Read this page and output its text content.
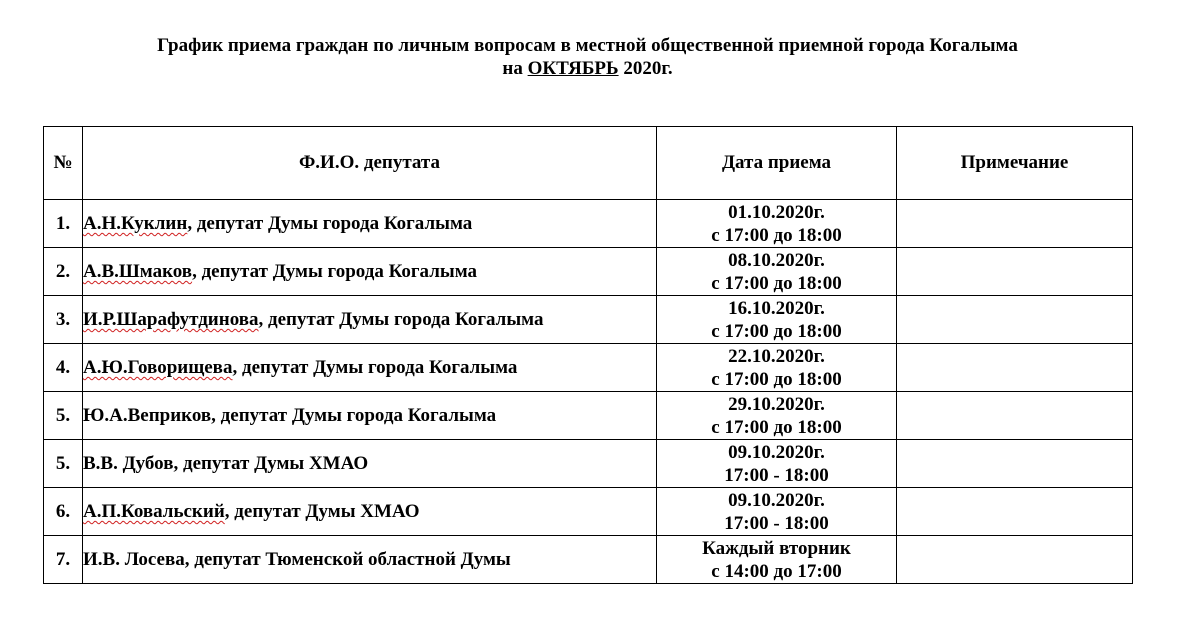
График приема граждан по личным вопросам в местной общественной приемной города Когалыма
на ОКТЯБРЬ 2020г.
№	Ф.И.О. депутата	Дата приема	Примечание
1.	А.Н.Куклин, депутат Думы города Когалыма	01.10.2020г.
с 17:00 до 18:00	

2.	А.В.Шмаков, депутат Думы города Когалыма	08.10.2020г.
с 17:00 до 18:00	

3.	И.Р.Шарафутдинова, депутат Думы города Когалыма	16.10.2020г.
с 17:00 до 18:00	

4.	А.Ю.Говорищева, депутат Думы города Когалыма	22.10.2020г.
с 17:00 до 18:00	

5.	Ю.А.Веприков, депутат Думы города Когалыма	29.10.2020г.
с 17:00 до 18:00	

5.	В.В. Дубов, депутат Думы ХМАО	09.10.2020г.
17:00 - 18:00	

6.	А.П.Ковальский, депутат Думы ХМАО	09.10.2020г.
17:00 - 18:00	

7.	И.В. Лосева, депутат Тюменской областной Думы	Каждый вторник
с 14:00 до 17:00	
